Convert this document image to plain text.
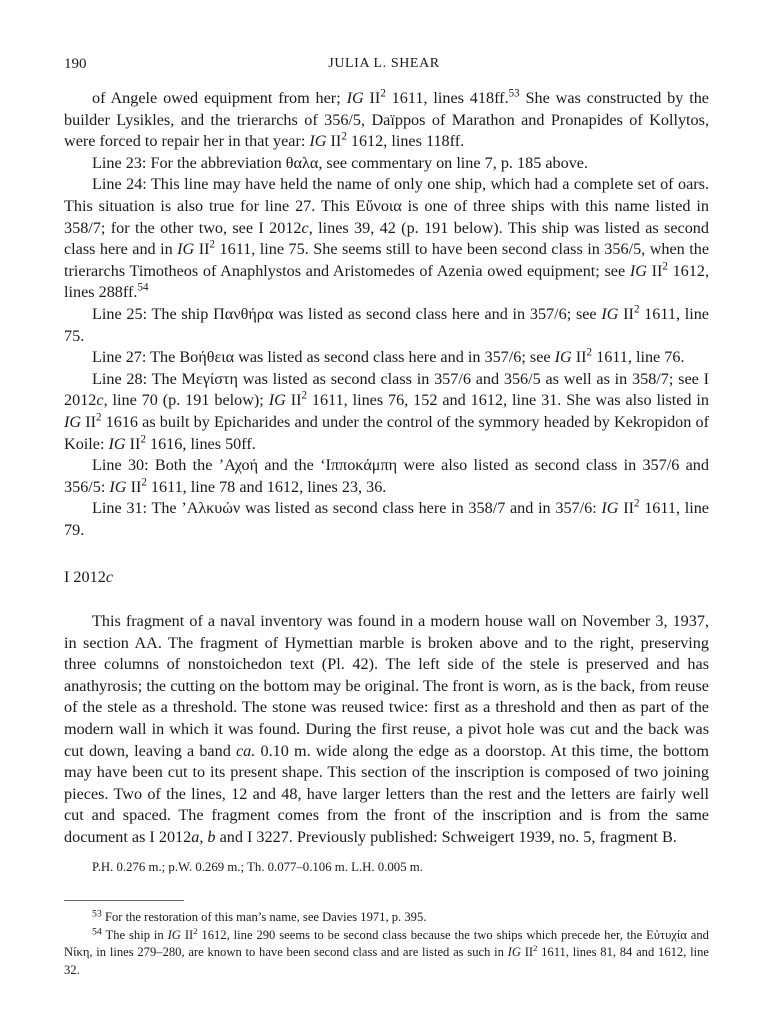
190	JULIA L. SHEAR

of Angele owed equipment from her; IG $II^2$ 1611, lines 418ff.$^{53}$ She was constructed by the builder Lysikles, and the trierarchs of 356/5, Daïppos of Marathon and Pronapides of Kollytos, were forced to repair her in that year: IG $II^2$ 1612, lines 118ff.

Line 23: For the abbreviation θαλα, see commentary on line 7, p. 185 above.

Line 24: This line may have held the name of only one ship, which had a complete set of oars. This situation is also true for line 27. This Εὔνοια is one of three ships with this name listed in 358/7; for the other two, see I 2012c, lines 39, 42 (p. 191 below). This ship was listed as second class here and in IG $II^2$ 1611, line 75. She seems still to have been second class in 356/5, when the trierarchs Timotheos of Anaphlystos and Aristomedes of Azenia owed equipment; see IG $II^2$ 1612, lines 288ff.$^{54}$

Line 25: The ship Πανθήρα was listed as second class here and in 357/6; see IG $II^2$ 1611, line 75.

Line 27: The Βοήθεια was listed as second class here and in 357/6; see IG $II^2$ 1611, line 76.

Line 28: The Μεγίστη was listed as second class in 357/6 and 356/5 as well as in 358/7; see I 2012c, line 70 (p. 191 below); IG $II^2$ 1611, lines 76, 152 and 1612, line 31. She was also listed in IG $II^2$ 1616 as built by Epicharides and under the control of the symmory headed by Kekropidon of Koile: IG $II^2$ 1616, lines 50ff.

Line 30: Both the ’Αχοή and the ‘Ιπποκάμπη were also listed as second class in 357/6 and 356/5: IG $II^2$ 1611, line 78 and 1612, lines 23, 36.

Line 31: The ’Αλκυών was listed as second class here in 358/7 and in 357/6: IG $II^2$ 1611, line 79.

I 2012c

This fragment of a naval inventory was found in a modern house wall on November 3, 1937, in section AA. The fragment of Hymettian marble is broken above and to the right, preserving three columns of nonstoichedon text (Pl. 42). The left side of the stele is preserved and has anathyrosis; the cutting on the bottom may be original. The front is worn, as is the back, from reuse of the stele as a threshold. The stone was reused twice: first as a threshold and then as part of the modern wall in which it was found. During the first reuse, a pivot hole was cut and the back was cut down, leaving a band ca. 0.10 m. wide along the edge as a doorstop. At this time, the bottom may have been cut to its present shape. This section of the inscription is composed of two joining pieces. Two of the lines, 12 and 48, have larger letters than the rest and the letters are fairly well cut and spaced. The fragment comes from the front of the inscription and is from the same document as I 2012a, b and I 3227. Previously published: Schweigert 1939, no. 5, fragment B.

P.H. 0.276 m.; p.W. 0.269 m.; Th. 0.077–0.106 m. L.H. 0.005 m.

$^{53}$ For the restoration of this man’s name, see Davies 1971, p. 395.

$^{54}$ The ship in IG $II^2$ 1612, line 290 seems to be second class because the two ships which precede her, the Εὐτυχία and Νίκη, in lines 279–280, are known to have been second class and are listed as such in IG $II^2$ 1611, lines 81, 84 and 1612, line 32.
